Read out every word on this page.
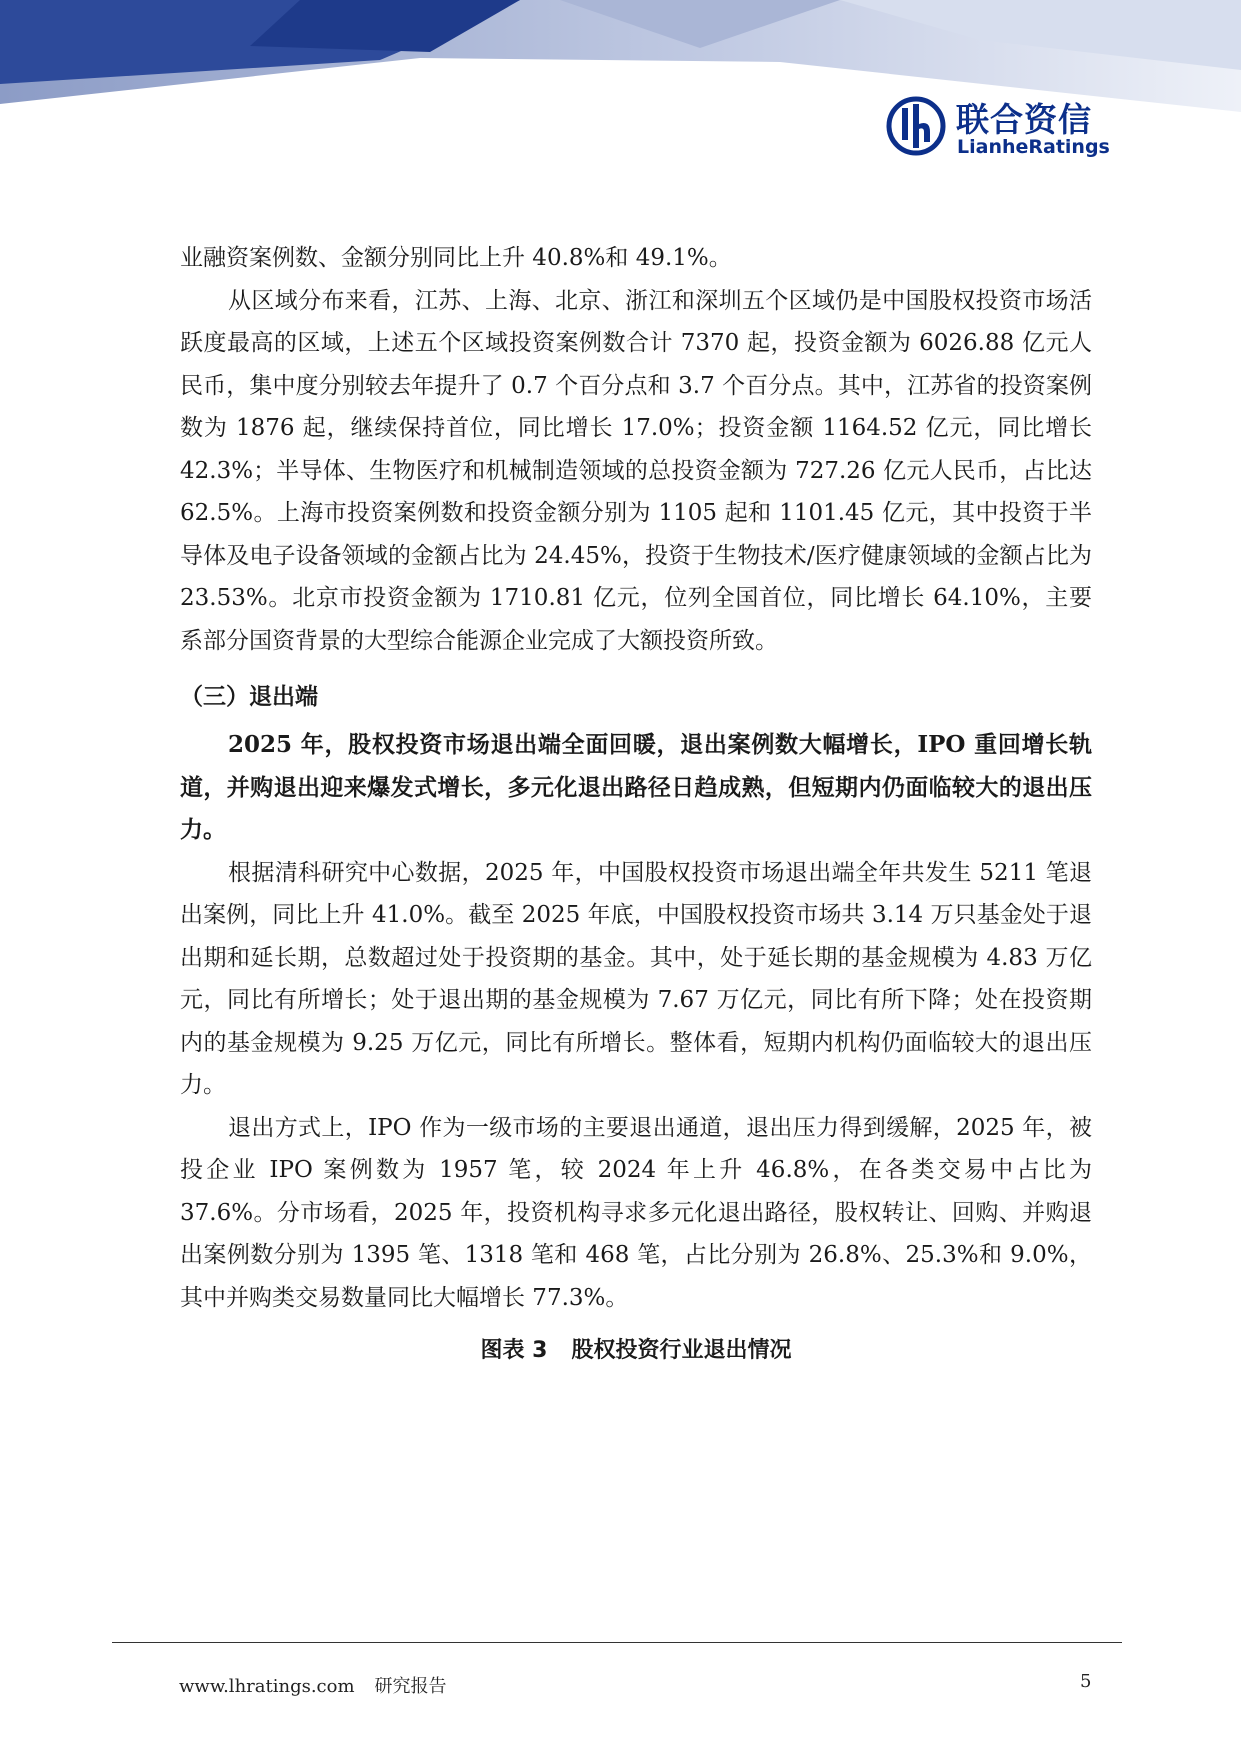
联合资信
LianheRatings

业融资案例数、金额分别同比上升 40.8%和 49.1%。

从区域分布来看，江苏、上海、北京、浙江和深圳五个区域仍是中国股权投资市场活跃度最高的区域，上述五个区域投资案例数合计 7370 起，投资金额为 6026.88 亿元人民币，集中度分别较去年提升了 0.7 个百分点和 3.7 个百分点。其中，江苏省的投资案例数为 1876 起，继续保持首位，同比增长 17.0%；投资金额 1164.52 亿元，同比增长 42.3%；半导体、生物医疗和机械制造领域的总投资金额为 727.26 亿元人民币，占比达 62.5%。上海市投资案例数和投资金额分别为 1105 起和 1101.45 亿元，其中投资于半导体及电子设备领域的金额占比为 24.45%，投资于生物技术/医疗健康领域的金额占比为 23.53%。北京市投资金额为 1710.81 亿元，位列全国首位，同比增长 64.10%，主要系部分国资背景的大型综合能源企业完成了大额投资所致。

（三）退出端

2025 年，股权投资市场退出端全面回暖，退出案例数大幅增长，IPO 重回增长轨道，并购退出迎来爆发式增长，多元化退出路径日趋成熟，但短期内仍面临较大的退出压力。

根据清科研究中心数据，2025 年，中国股权投资市场退出端全年共发生 5211 笔退出案例，同比上升 41.0%。截至 2025 年底，中国股权投资市场共 3.14 万只基金处于退出期和延长期，总数超过处于投资期的基金。其中，处于延长期的基金规模为 4.83 万亿元，同比有所增长；处于退出期的基金规模为 7.67 万亿元，同比有所下降；处在投资期内的基金规模为 9.25 万亿元，同比有所增长。整体看，短期内机构仍面临较大的退出压力。

退出方式上，IPO 作为一级市场的主要退出通道，退出压力得到缓解，2025 年，被投企业 IPO 案例数为 1957 笔，较 2024 年上升 46.8%，在各类交易中占比为 37.6%。分市场看，2025 年，投资机构寻求多元化退出路径，股权转让、回购、并购退出案例数分别为 1395 笔、1318 笔和 468 笔，占比分别为 26.8%、25.3%和 9.0%，其中并购类交易数量同比大幅增长 77.3%。

图表 3 股权投资行业退出情况
www.lhratings.com 研究报告	5
